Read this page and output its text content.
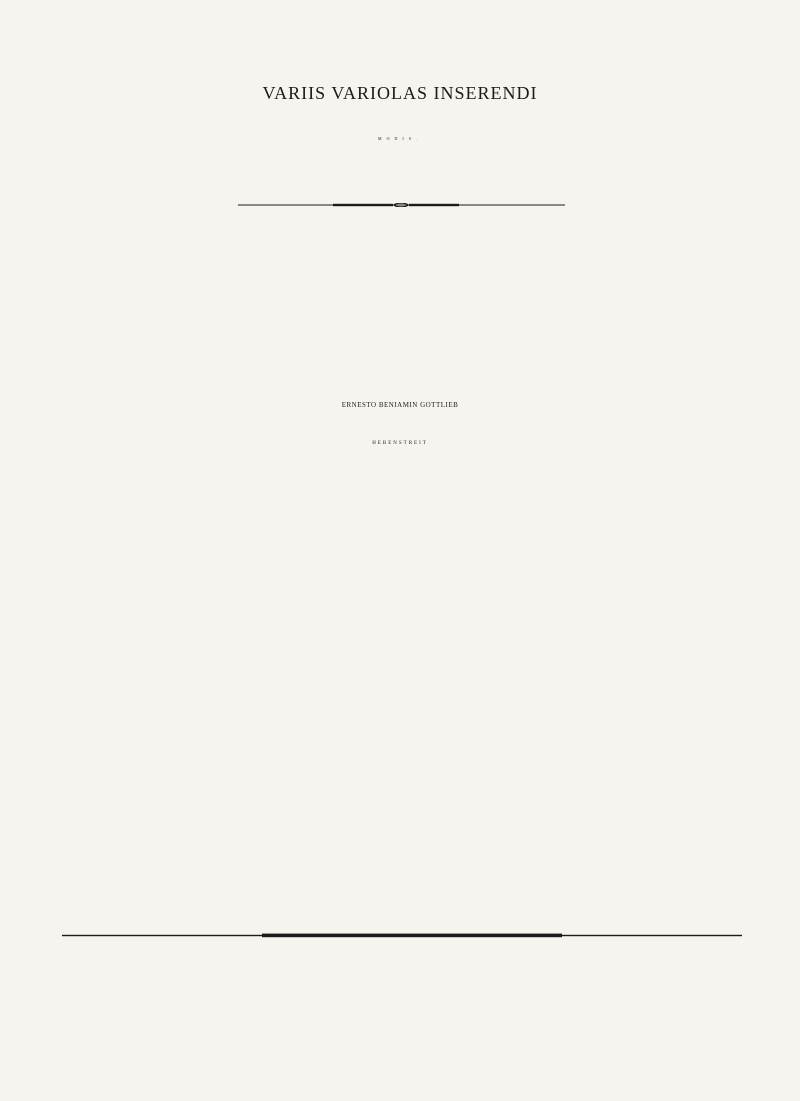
VARIIS VARIOLAS INSERENDI
MODIS.
ERNESTO BENIAMIN GOTTLIEB
HEBENSTREIT
